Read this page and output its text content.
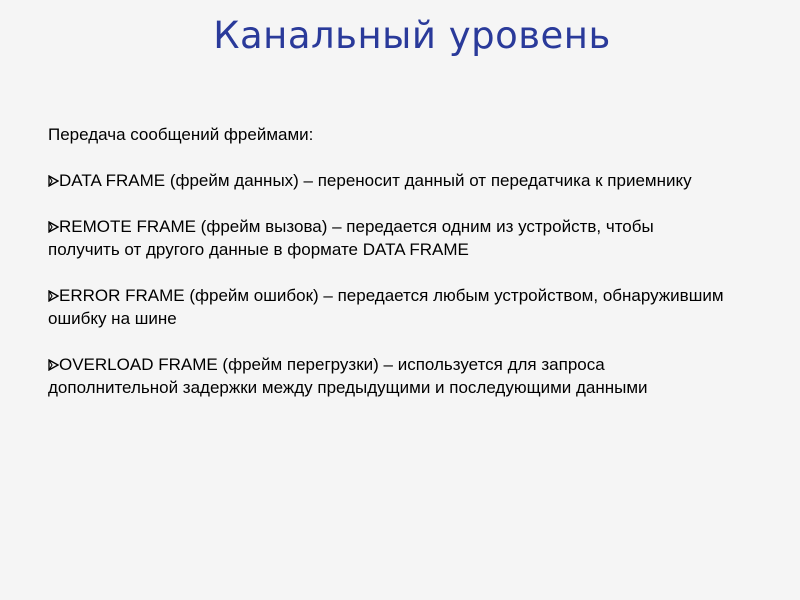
Канальный уровень
Передача сообщений фреймами:
DATA FRAME (фрейм данных) – переносит данный от передатчика к приемнику
REMOTE FRAME (фрейм вызова) – передается одним из устройств, чтобы получить от другого данные в формате DATA FRAME
ERROR FRAME (фрейм ошибок) – передается любым устройством, обнаружившим ошибку на шине
OVERLOAD FRAME (фрейм перегрузки) – используется для запроса дополнительной задержки между предыдущими и последующими данными
